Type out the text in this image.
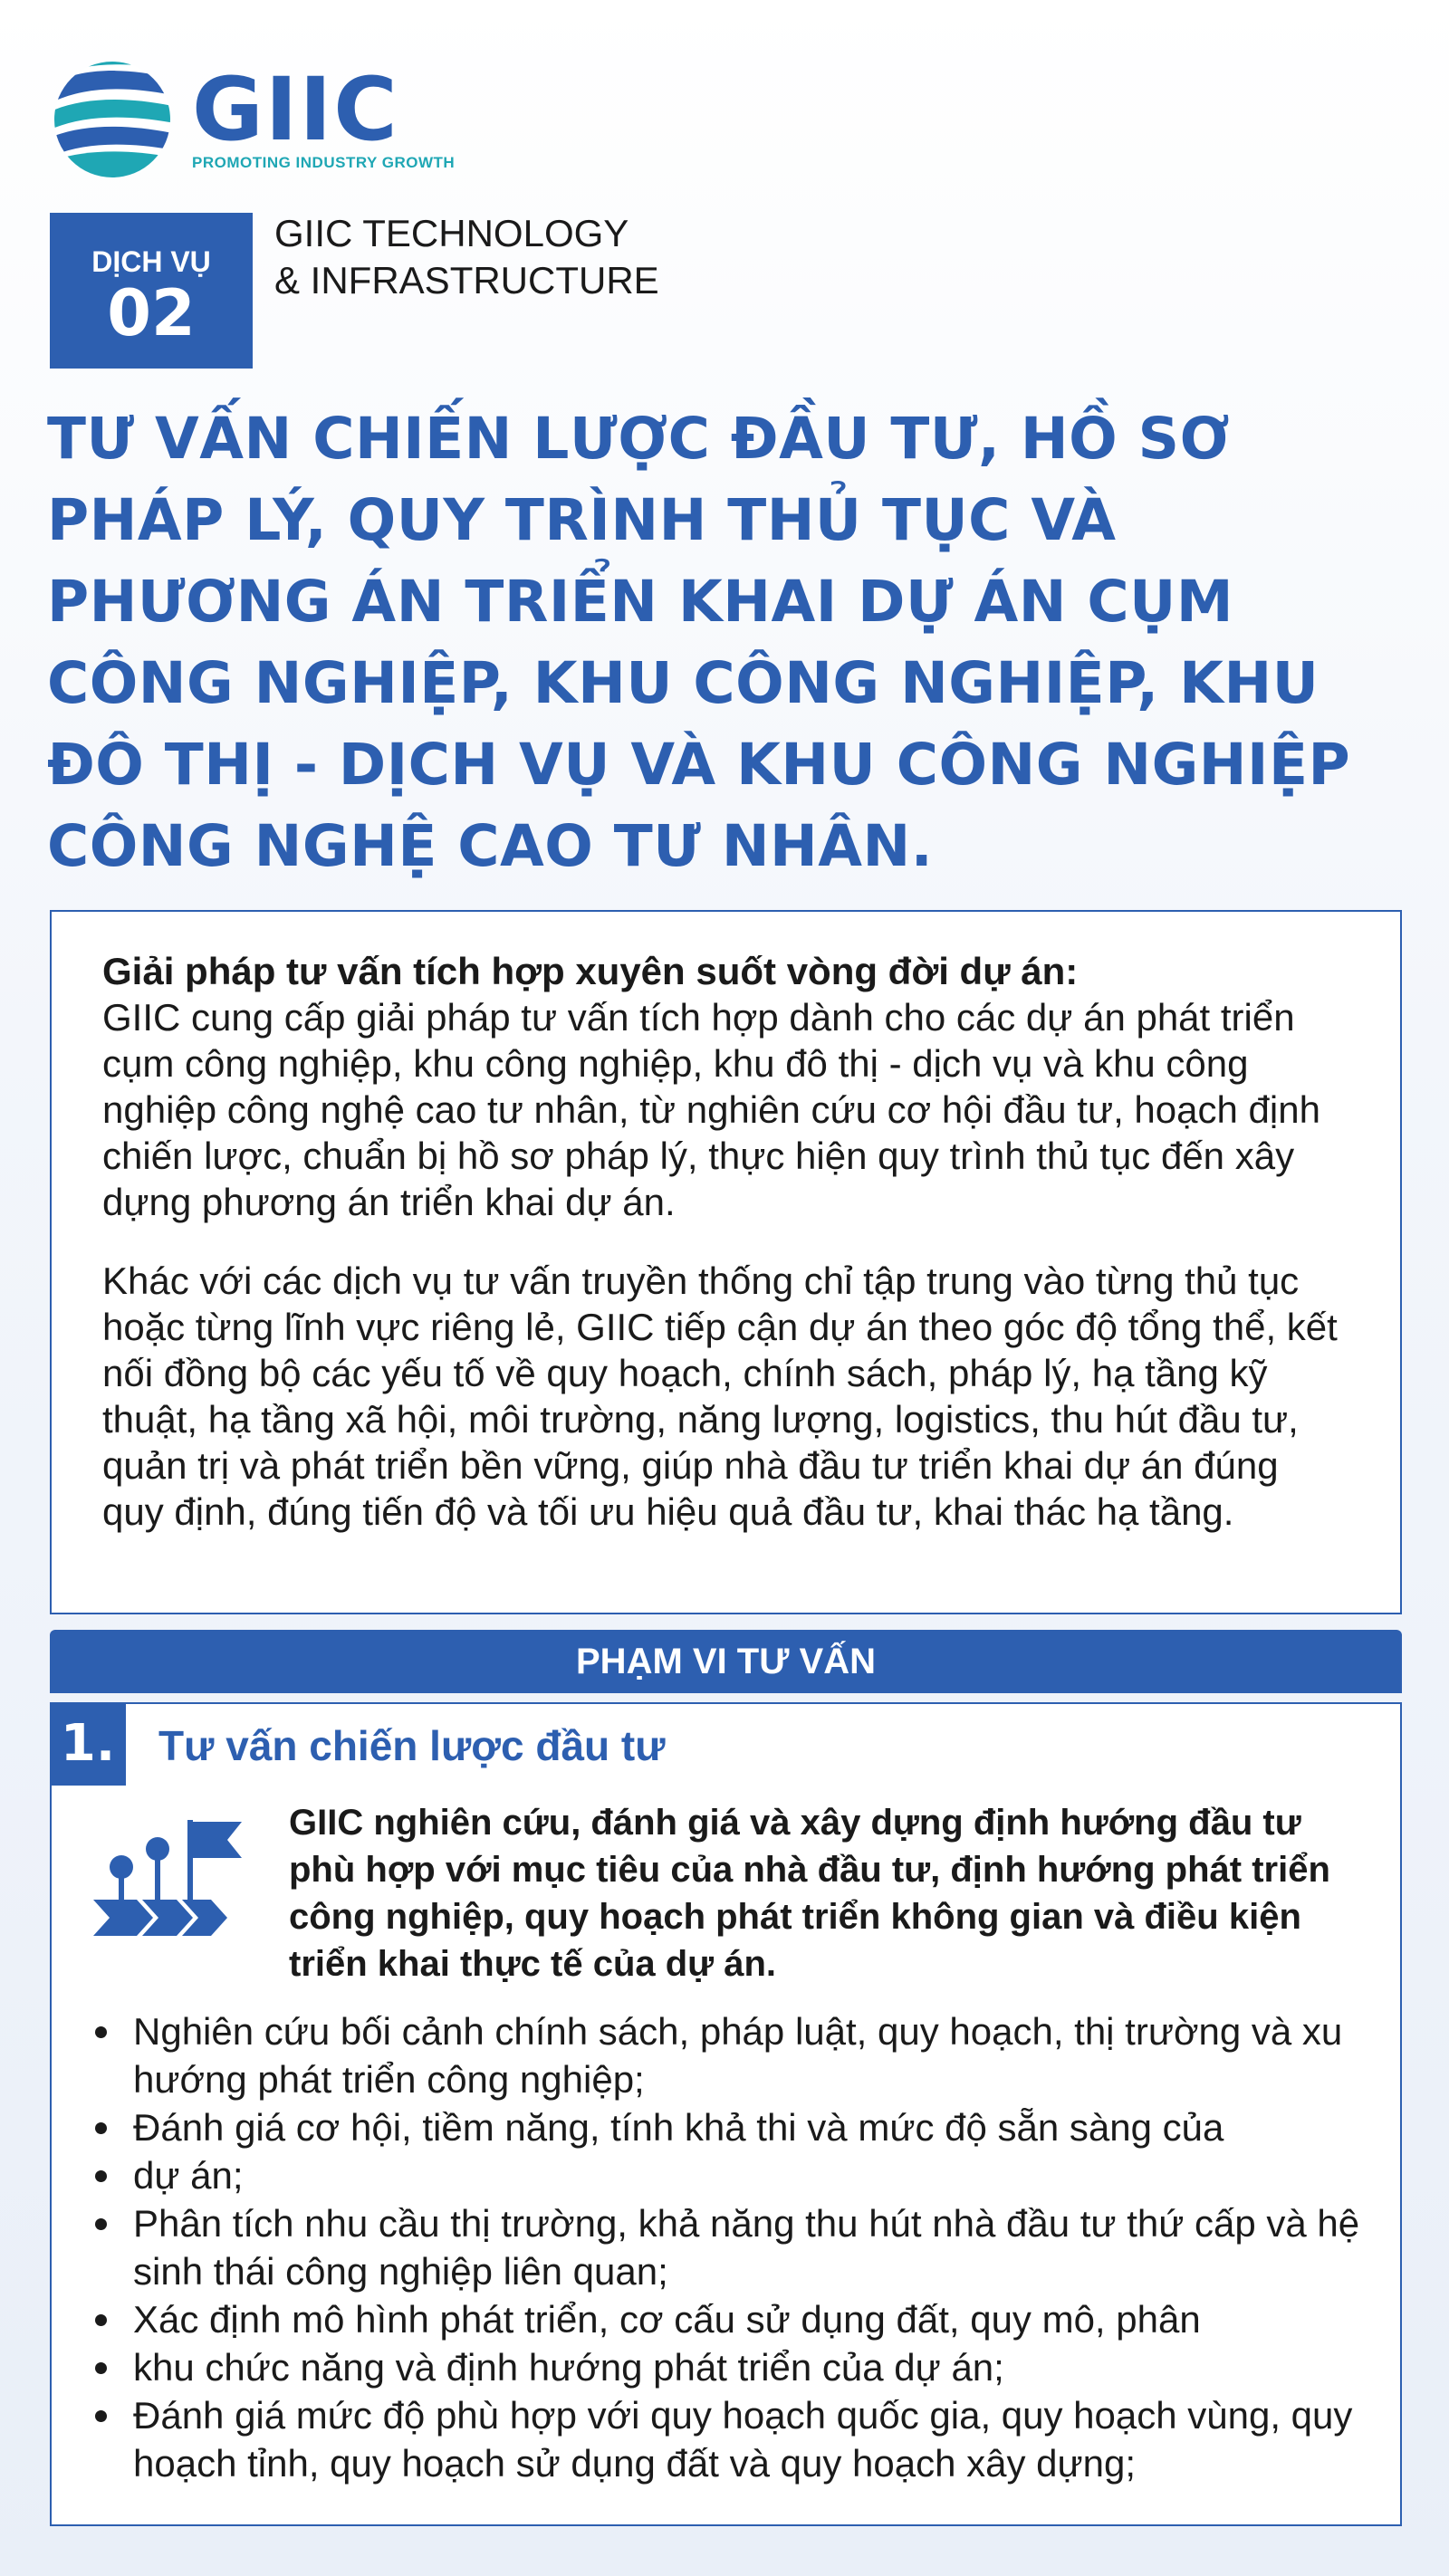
GIIC
PROMOTING INDUSTRY GROWTH
DỊCH VỤ
02
GIIC TECHNOLOGY
& INFRASTRUCTURE
TƯ VẤN CHIẾN LƯỢC ĐẦU TƯ, HỒ SƠ
PHÁP LÝ, QUY TRÌNH THỦ TỤC VÀ
PHƯƠNG ÁN TRIỂN KHAI DỰ ÁN CỤM
CÔNG NGHIỆP, KHU CÔNG NGHIỆP, KHU
ĐÔ THỊ - DỊCH VỤ VÀ KHU CÔNG NGHIỆP
CÔNG NGHỆ CAO TƯ NHÂN.

Giải pháp tư vấn tích hợp xuyên suốt vòng đời dự án:
GIIC cung cấp giải pháp tư vấn tích hợp dành cho các dự án phát triển cụm công nghiệp, khu công nghiệp, khu đô thị - dịch vụ và khu công nghiệp công nghệ cao tư nhân, từ nghiên cứu cơ hội đầu tư, hoạch định chiến lược, chuẩn bị hồ sơ pháp lý, thực hiện quy trình thủ tục đến xây dựng phương án triển khai dự án.

Khác với các dịch vụ tư vấn truyền thống chỉ tập trung vào từng thủ tục hoặc từng lĩnh vực riêng lẻ, GIIC tiếp cận dự án theo góc độ tổng thể, kết nối đồng bộ các yếu tố về quy hoạch, chính sách, pháp lý, hạ tầng kỹ thuật, hạ tầng xã hội, môi trường, năng lượng, logistics, thu hút đầu tư, quản trị và phát triển bền vững, giúp nhà đầu tư triển khai dự án đúng quy định, đúng tiến độ và tối ưu hiệu quả đầu tư, khai thác hạ tầng.

PHẠM VI TƯ VẤN
1. Tư vấn chiến lược đầu tư
GIIC nghiên cứu, đánh giá và xây dựng định hướng đầu tư phù hợp với mục tiêu của nhà đầu tư, định hướng phát triển công nghiệp, quy hoạch phát triển không gian và điều kiện triển khai thực tế của dự án.
Nghiên cứu bối cảnh chính sách, pháp luật, quy hoạch, thị trường và xu hướng phát triển công nghiệp;
Đánh giá cơ hội, tiềm năng, tính khả thi và mức độ sẵn sàng của
dự án;
Phân tích nhu cầu thị trường, khả năng thu hút nhà đầu tư thứ cấp và hệ sinh thái công nghiệp liên quan;
Xác định mô hình phát triển, cơ cấu sử dụng đất, quy mô, phân
khu chức năng và định hướng phát triển của dự án;
Đánh giá mức độ phù hợp với quy hoạch quốc gia, quy hoạch vùng, quy hoạch tỉnh, quy hoạch sử dụng đất và quy hoạch xây dựng;
